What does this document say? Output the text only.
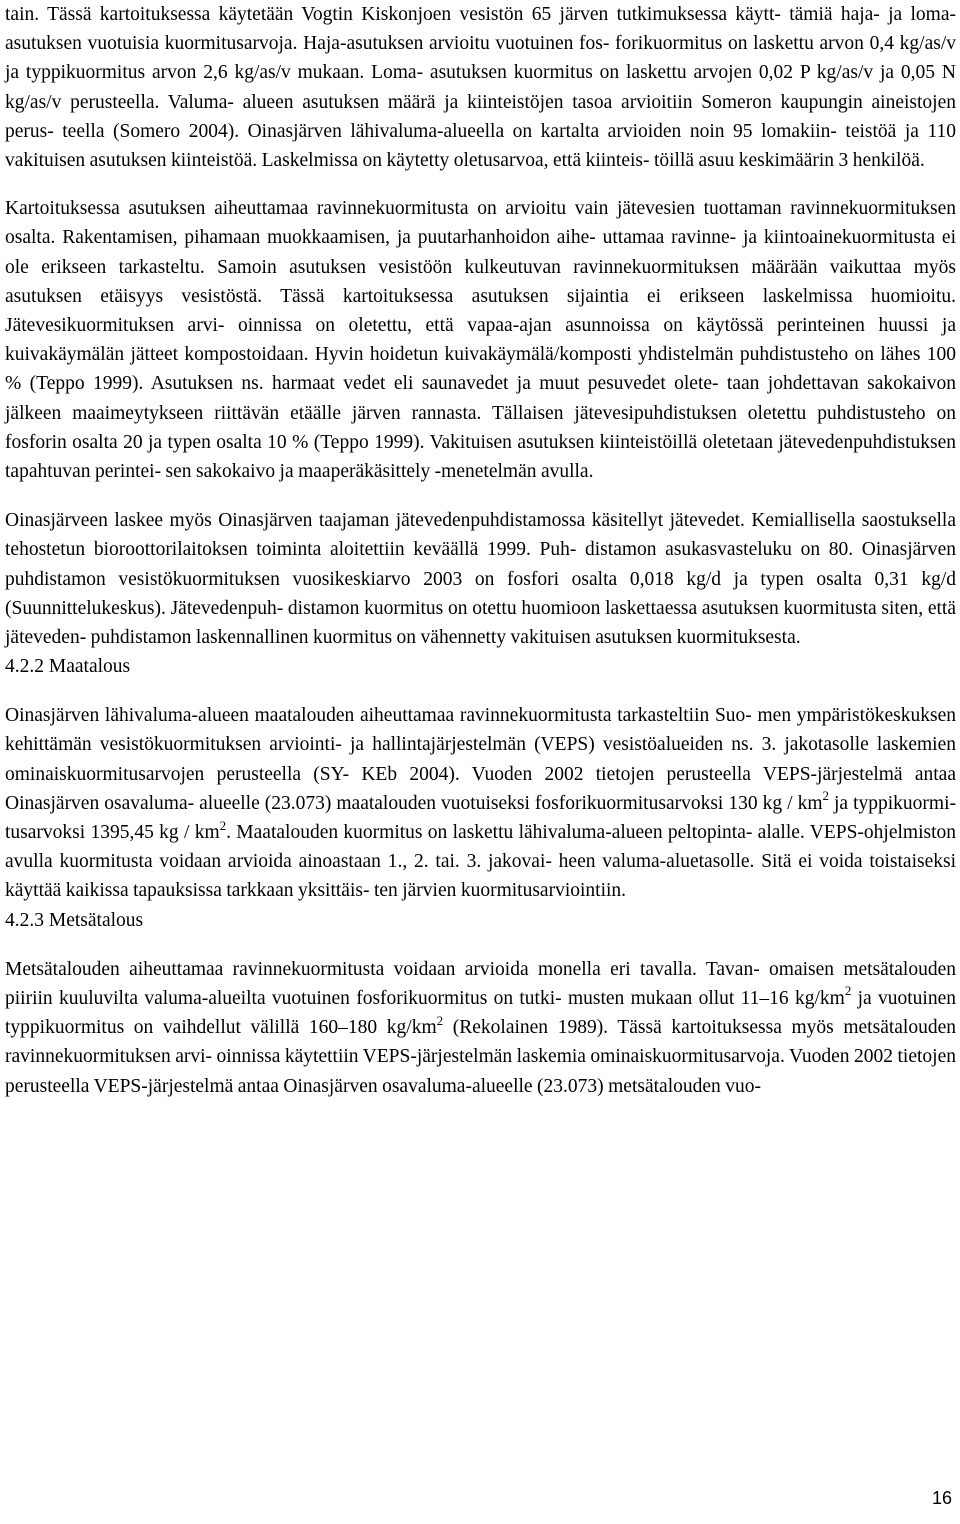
tain. Tässä kartoituksessa käytetään Vogtin Kiskonjoen vesistön 65 järven tutkimuksessa käytt- tämiä haja- ja loma-asutuksen vuotuisia kuormitusarvoja. Haja-asutuksen arvioitu vuotuinen fos- forikuormitus on laskettu arvon 0,4 kg/as/v ja typpikuormitus arvon 2,6 kg/as/v mukaan. Loma- asutuksen kuormitus on laskettu arvojen 0,02 P kg/as/v ja 0,05 N kg/as/v perusteella. Valuma- alueen asutuksen määrä ja kiinteistöjen tasoa arvioitiin Someron kaupungin aineistojen perus- teella (Somero 2004). Oinasjärven lähivaluma-alueella on kartalta arvioiden noin 95 lomakiin- teistöä ja 110 vakituisen asutuksen kiinteistöä. Laskelmissa on käytetty oletusarvoa, että kiinteis- töillä asuu keskimäärin 3 henkilöä.

Kartoituksessa asutuksen aiheuttamaa ravinnekuormitusta on arvioitu vain jätevesien tuottaman ravinnekuormituksen osalta. Rakentamisen, pihamaan muokkaamisen, ja puutarhanhoidon aihe- uttamaa ravinne- ja kiintoainekuormitusta ei ole erikseen tarkasteltu. Samoin asutuksen vesistöön kulkeutuvan ravinnekuormituksen määrään vaikuttaa myös asutuksen etäisyys vesistöstä. Tässä kartoituksessa asutuksen sijaintia ei erikseen laskelmissa huomioitu. Jätevesikuormituksen arvi- oinnissa on oletettu, että vapaa-ajan asunnoissa on käytössä perinteinen huussi ja kuivakäymälän jätteet kompostoidaan. Hyvin hoidetun kuivakäymälä/komposti yhdistelmän puhdistusteho on lähes 100 % (Teppo 1999). Asutuksen ns. harmaat vedet eli saunavedet ja muut pesuvedet olete- taan johdettavan sakokaivon jälkeen maaimeytykseen riittävän etäälle järven rannasta. Tällaisen jätevesipuhdistuksen oletettu puhdistusteho on fosforin osalta 20 ja typen osalta 10 % (Teppo 1999). Vakituisen asutuksen kiinteistöillä oletetaan jätevedenpuhdistuksen tapahtuvan perintei- sen sakokaivo ja maaperäkäsittely -menetelmän avulla.

Oinasjärveen laskee myös Oinasjärven taajaman jätevedenpuhdistamossa käsitellyt jätevedet. Kemiallisella saostuksella tehostetun bioroottorilaitoksen toiminta aloitettiin keväällä 1999. Puh- distamon asukasvasteluku on 80. Oinasjärven puhdistamon vesistökuormituksen vuosikeskiarvo 2003 on fosfori osalta 0,018 kg/d ja typen osalta 0,31 kg/d (Suunnittelukeskus). Jätevedenpuh- distamon kuormitus on otettu huomioon laskettaessa asutuksen kuormitusta siten, että jäteveden- puhdistamon laskennallinen kuormitus on vähennetty vakituisen asutuksen kuormituksesta.

4.2.2 Maatalous

Oinasjärven lähivaluma-alueen maatalouden aiheuttamaa ravinnekuormitusta tarkasteltiin Suo- men ympäristökeskuksen kehittämän vesistökuormituksen arviointi- ja hallintajärjestelmän (VEPS) vesistöalueiden ns. 3. jakotasolle laskemien ominaiskuormitusarvojen perusteella (SY- KEb 2004). Vuoden 2002 tietojen perusteella VEPS-järjestelmä antaa Oinasjärven osavaluma- alueelle (23.073) maatalouden vuotuiseksi fosforikuormitusarvoksi 130 kg / $km^2$ ja typpikuormi- tusarvoksi 1395,45 kg / $km^2$. Maatalouden kuormitus on laskettu lähivaluma-alueen peltopinta- alalle. VEPS-ohjelmiston avulla kuormitusta voidaan arvioida ainoastaan 1., 2. tai. 3. jakovai- heen valuma-aluetasolle. Sitä ei voida toistaiseksi käyttää kaikissa tapauksissa tarkkaan yksittäis- ten järvien kuormitusarviointiin.

4.2.3 Metsätalous

Metsätalouden aiheuttamaa ravinnekuormitusta voidaan arvioida monella eri tavalla. Tavan- omaisen metsätalouden piiriin kuuluvilta valuma-alueilta vuotuinen fosforikuormitus on tutki- musten mukaan ollut 11–16 $kg/km^2$ ja vuotuinen typpikuormitus on vaihdellut välillä 160–180 $kg/km^2$ (Rekolainen 1989). Tässä kartoituksessa myös metsätalouden ravinnekuormituksen arvi- oinnissa käytettiin VEPS-järjestelmän laskemia ominaiskuormitusarvoja. Vuoden 2002 tietojen perusteella VEPS-järjestelmä antaa Oinasjärven osavaluma-alueelle (23.073) metsätalouden vuo-

16
